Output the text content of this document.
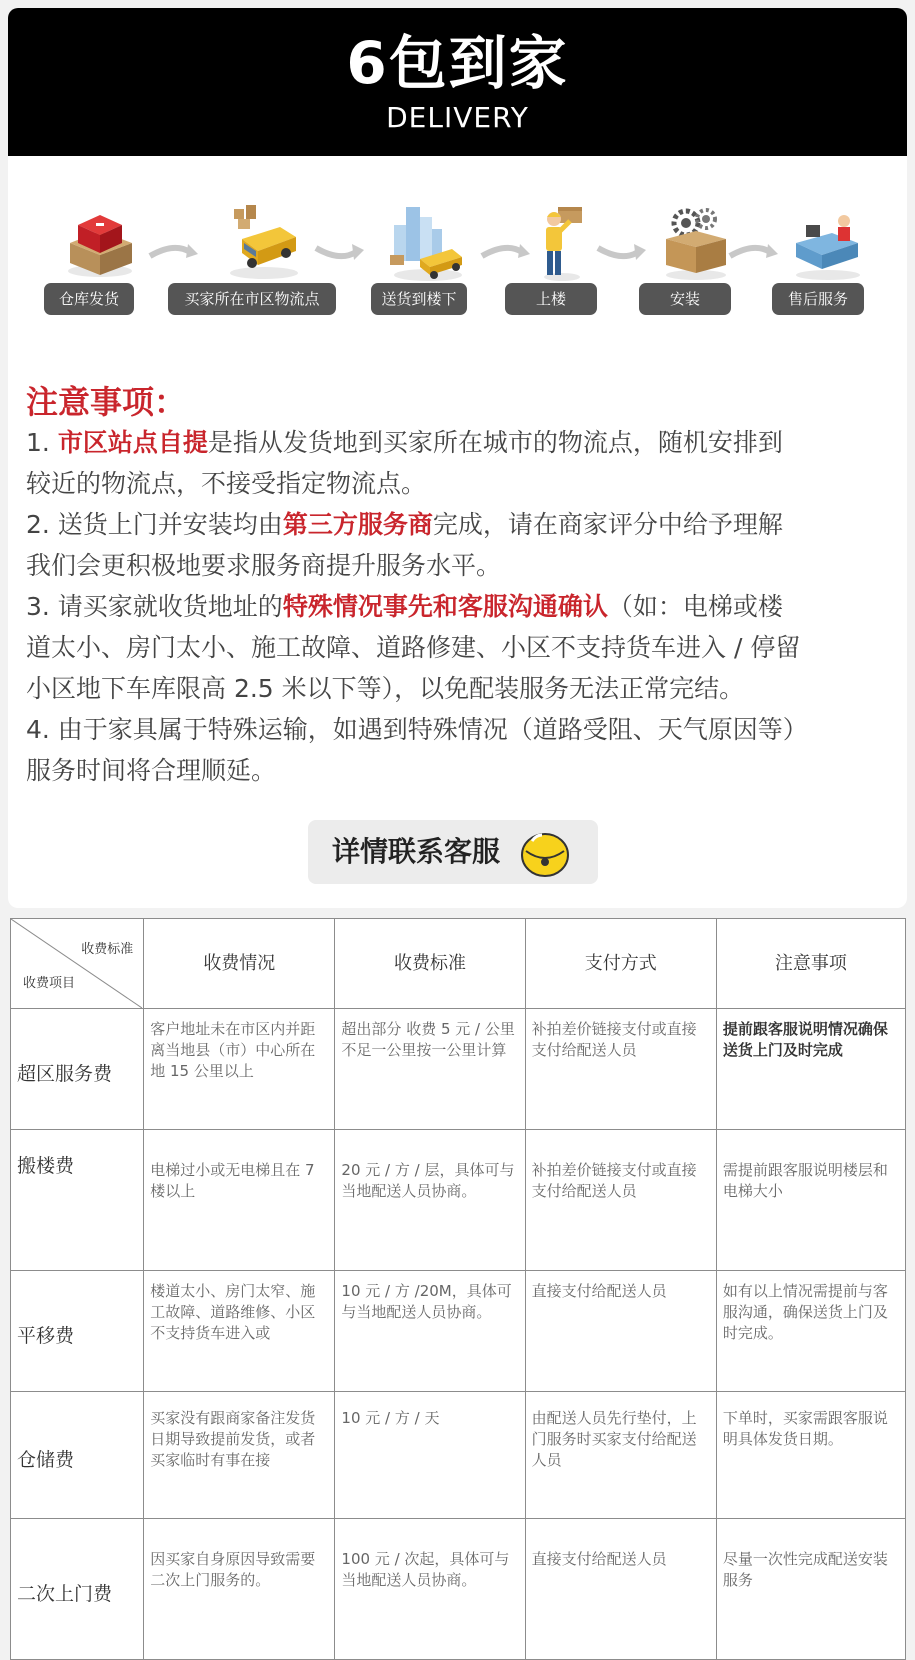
6包到家
DELIVERY
仓库发货	买家所在市区物流点	送货到楼下	上楼	安装	售后服务
注意事项：
1. 市区站点自提是指从发货地到买家所在城市的物流点，随机安排到
较近的物流点，不接受指定物流点。
2. 送货上门并安装均由第三方服务商完成，请在商家评分中给予理解
我们会更积极地要求服务商提升服务水平。
3. 请买家就收货地址的特殊情况事先和客服沟通确认（如：电梯或楼
道太小、房门太小、施工故障、道路修建、小区不支持货车进入 / 停留
小区地下车库限高 2.5 米以下等），以免配装服务无法正常完结。
4. 由于家具属于特殊运输，如遇到特殊情况（道路受阻、天气原因等）
服务时间将合理顺延。
详情联系客服
收费标准
收费项目	收费情况	收费标准	支付方式	注意事项
超区服务费	客户地址未在市区内并距离当地县（市）中心所在地 15 公里以上	超出部分 收费 5 元 / 公里 不足一公里按一公里计算	补拍差价链接支付或直接支付给配送人员	提前跟客服说明情况确保送货上门及时完成
搬楼费	电梯过小或无电梯且在 7 楼以上	20 元 / 方 / 层，具体可与当地配送人员协商。	补拍差价链接支付或直接支付给配送人员	需提前跟客服说明楼层和电梯大小
平移费	楼道太小、房门太窄、施工故障、道路维修、小区不支持货车进入或	10 元 / 方 /20M，具体可与当地配送人员协商。	直接支付给配送人员	如有以上情况需提前与客服沟通，确保送货上门及时完成。
仓储费	买家没有跟商家备注发货日期导致提前发货，或者买家临时有事在接	10 元 / 方 / 天	由配送人员先行垫付，上门服务时买家支付给配送人员	下单时，买家需跟客服说明具体发货日期。
二次上门费	因买家自身原因导致需要二次上门服务的。	100 元 / 次起，具体可与当地配送人员协商。	直接支付给配送人员	尽量一次性完成配送安装服务
